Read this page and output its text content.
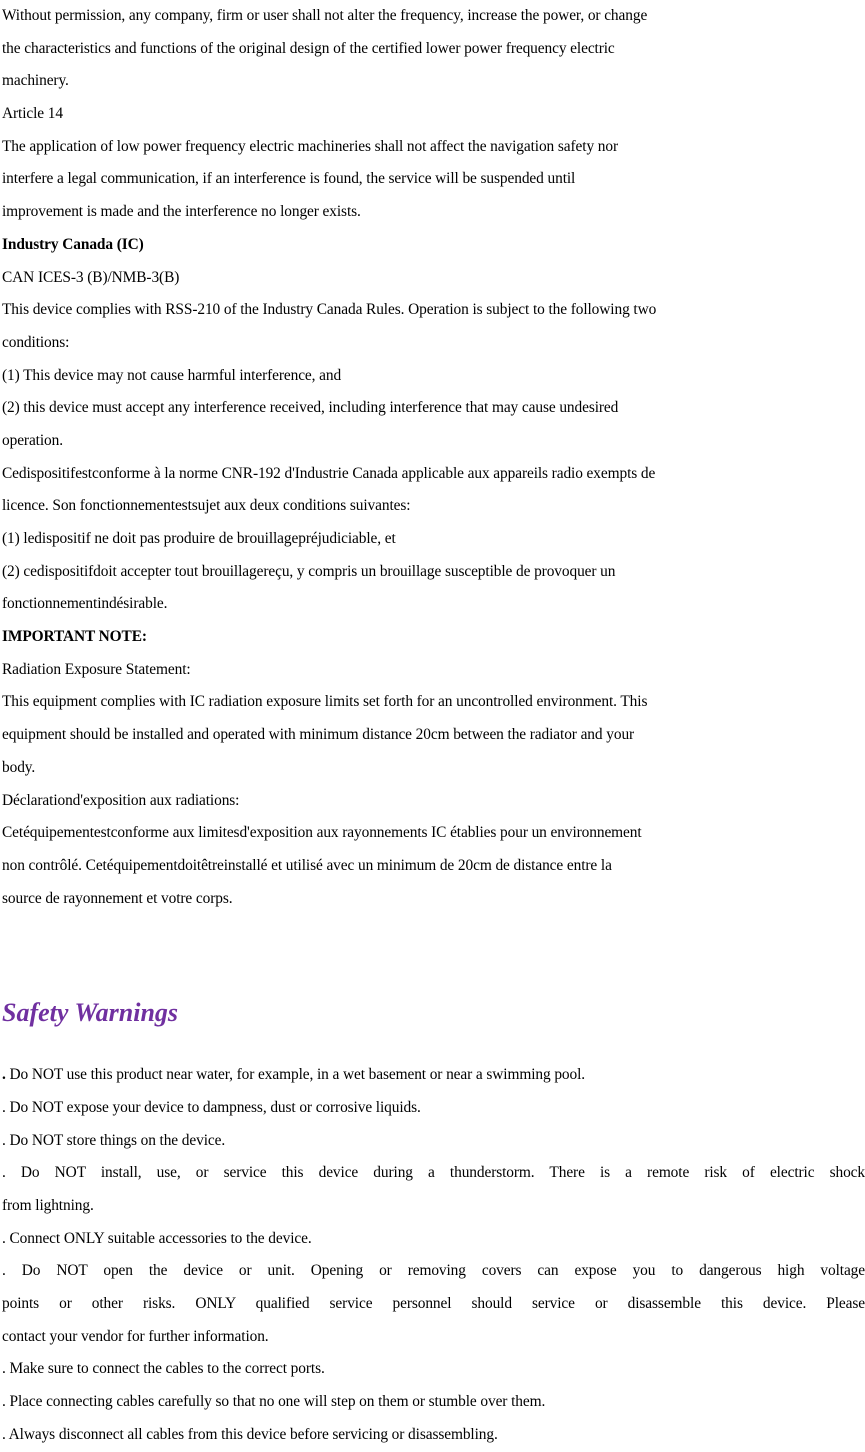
Without permission, any company, firm or user shall not alter the frequency, increase the power, or change
the characteristics and functions of the original design of the certified lower power frequency electric
machinery.
Article 14
The application of low power frequency electric machineries shall not affect the navigation safety nor
interfere a legal communication, if an interference is found, the service will be suspended until
improvement is made and the interference no longer exists.
Industry Canada (IC)
CAN ICES-3 (B)/NMB-3(B)
This device complies with RSS-210 of the Industry Canada Rules. Operation is subject to the following two
conditions:
(1) This device may not cause harmful interference, and
(2) this device must accept any interference received, including interference that may cause undesired
operation.
Cedispositifestconforme à la norme CNR-192 d'Industrie Canada applicable aux appareils radio exempts de
licence. Son fonctionnementestsujet aux deux conditions suivantes:
(1) ledispositif ne doit pas produire de brouillagepréjudiciable, et
(2) cedispositifdoit accepter tout brouillagereçu, y compris un brouillage susceptible de provoquer un
fonctionnementindésirable.
IMPORTANT NOTE:
Radiation Exposure Statement:
This equipment complies with IC radiation exposure limits set forth for an uncontrolled environment. This
equipment should be installed and operated with minimum distance 20cm between the radiator and your
body.
Déclarationd'exposition aux radiations:
Cetéquipementestconforme aux limitesd'exposition aux rayonnements IC établies pour un environnement
non contrôlé. Cetéquipementdoitêtreinstallé et utilisé avec un minimum de 20cm de distance entre la
source de rayonnement et votre corps.
Safety Warnings
. Do NOT use this product near water, for example, in a wet basement or near a swimming pool.
. Do NOT expose your device to dampness, dust or corrosive liquids.
. Do NOT store things on the device.
. Do NOT install, use, or service this device during a thunderstorm. There is a remote risk of electric shock
from lightning.
. Connect ONLY suitable accessories to the device.
. Do NOT open the device or unit. Opening or removing covers can expose you to dangerous high voltage
points or other risks. ONLY qualified service personnel should service or disassemble this device. Please
contact your vendor for further information.
. Make sure to connect the cables to the correct ports.
. Place connecting cables carefully so that no one will step on them or stumble over them.
. Always disconnect all cables from this device before servicing or disassembling.
